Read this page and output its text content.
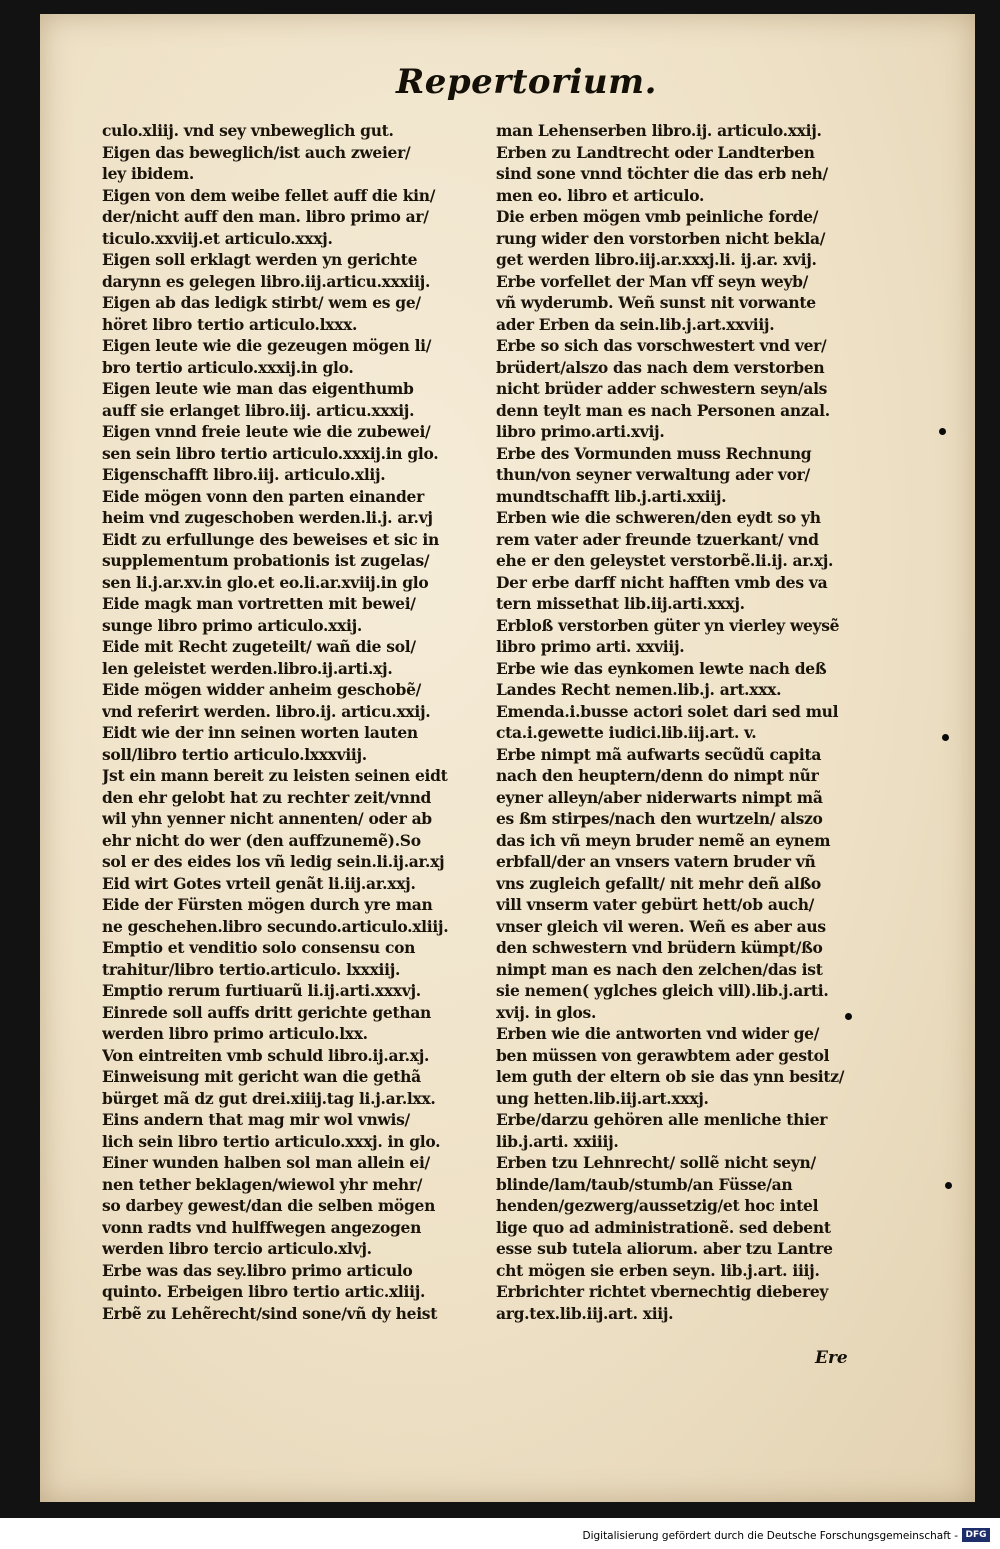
Repertorium.
culo.xliij. vnd sey vnbeweglich gut.
Eigen das beweglich/ist auch zweier/
ley ibidem.
Eigen von dem weibe fellet auff die kin/
der/nicht auff den man. libro primo ar/
ticulo.xxviij.et articulo.xxxj.
Eigen soll erklagt werden yn gerichte
darynn es gelegen libro.iij.articu.xxxiij.
Eigen ab das ledigk stirbt/ wem es ge/
höret libro tertio articulo.lxxx.
Eigen leute wie die gezeugen mögen li/
bro tertio articulo.xxxij.in glo.
Eigen leute wie man das eigenthumb
auff sie erlanget libro.iij. articu.xxxij.
Eigen vnnd freie leute wie die zubewei/
sen sein libro tertio articulo.xxxij.in glo.
Eigenschafft libro.iij. articulo.xlij.
Eide mögen vonn den parten einander
heim vnd zugeschoben werden.li.j. ar.vj
Eidt zu erfullunge des beweises et sic in
supplementum probationis ist zugelas/
sen li.j.ar.xv.in glo.et eo.li.ar.xviij.in glo
Eide magk man vortretten mit bewei/
sunge libro primo articulo.xxij.
Eide mit Recht zugeteilt/ wañ die sol/
len geleistet werden.libro.ij.arti.xj.
Eide mögen widder anheim geschobẽ/
vnd referirt werden. libro.ij. articu.xxij.
Eidt wie der inn seinen worten lauten
soll/libro tertio articulo.lxxxviij.
Jst ein mann bereit zu leisten seinen eidt
den ehr gelobt hat zu rechter zeit/vnnd
wil yhn yenner nicht annenten/ oder ab
ehr nicht do wer (den auffzunemẽ).So
sol er des eides los vñ ledig sein.li.ij.ar.xj
Eid wirt Gotes vrteil genãt li.iij.ar.xxj.
Eide der Fürsten mögen durch yre man
ne geschehen.libro secundo.articulo.xliij.
Emptio et venditio solo consensu con
trahitur/libro tertio.articulo. lxxxiij.
Emptio rerum furtiuarũ li.ij.arti.xxxvj.
Einrede soll auffs dritt gerichte gethan
werden libro primo articulo.lxx.
Von eintreiten vmb schuld libro.ij.ar.xj.
Einweisung mit gericht wan die gethã
bürget mã dz gut drei.xiiij.tag li.j.ar.lxx.
Eins andern that mag mir wol vnwis/
lich sein libro tertio articulo.xxxj. in glo.
Einer wunden halben sol man allein ei/
nen tether beklagen/wiewol yhr mehr/
so darbey gewest/dan die selben mögen
vonn radts vnd hulffwegen angezogen
werden libro tercio articulo.xlvj.
Erbe was das sey.libro primo articulo
quinto. Erbeigen libro tertio artic.xliij.
Erbẽ zu Lehẽrecht/sind sone/vñ dy heist
man Lehenserben libro.ij. articulo.xxij.
Erben zu Landtrecht oder Landterben
sind sone vnnd töchter die das erb neh/
men eo. libro et articulo.
Die erben mögen vmb peinliche forde/
rung wider den vorstorben nicht bekla/
get werden libro.iij.ar.xxxj.li. ij.ar. xvij.
Erbe vorfellet der Man vff seyn weyb/
vñ wyderumb. Weñ sunst nit vorwante
ader Erben da sein.lib.j.art.xxviij.
Erbe so sich das vorschwestert vnd ver/
brüdert/alszo das nach dem verstorben
nicht brüder adder schwestern seyn/als
denn teylt man es nach Personen anzal.
libro primo.arti.xvij.
Erbe des Vormunden muss Rechnung
thun/von seyner verwaltung ader vor/
mundtschafft lib.j.arti.xxiij.
Erben wie die schweren/den eydt so yh
rem vater ader freunde tzuerkant/ vnd
ehe er den geleystet verstorbẽ.li.ij. ar.xj.
Der erbe darff nicht hafften vmb des va
tern missethat lib.iij.arti.xxxj.
Erbloß verstorben güter yn vierley weysẽ
libro primo arti. xxviij.
Erbe wie das eynkomen lewte nach deß
Landes Recht nemen.lib.j. art.xxx.
Emenda.i.busse actori solet dari sed mul
cta.i.gewette iudici.lib.iij.art. v.
Erbe nimpt mã aufwarts secũdũ capita
nach den heuptern/denn do nimpt nũr
eyner alleyn/aber niderwarts nimpt mã
es ßm stirpes/nach den wurtzeln/ alszo
das ich vñ meyn bruder nemẽ an eynem
erbfall/der an vnsers vatern bruder vñ
vns zugleich gefallt/ nit mehr deñ alßo
vill vnserm vater gebürt hett/ob auch/
vnser gleich vil weren. Weñ es aber aus
den schwestern vnd brüdern kümpt/ßo
nimpt man es nach den zelchen/das ist
sie nemen( yglches gleich vill).lib.j.arti.
xvij. in glos.
Erben wie die antworten vnd wider ge/
ben müssen von gerawbtem ader gestol
lem guth der eltern ob sie das ynn besitz/
ung hetten.lib.iij.art.xxxj.
Erbe/darzu gehören alle menliche thier
lib.j.arti. xxiiij.
Erben tzu Lehnrecht/ sollẽ nicht seyn/
blinde/lam/taub/stumb/an Füsse/an
henden/gezwerg/aussetzig/et hoc intel
lige quo ad administrationẽ. sed debent
esse sub tutela aliorum. aber tzu Lantre
cht mögen sie erben seyn. lib.j.art. iiij.
Erbrichter richtet vbernechtig dieberey
arg.tex.lib.iij.art. xiij.
Ere
Digitalisierung gefördert durch die Deutsche Forschungsgemeinschaft - DFG
